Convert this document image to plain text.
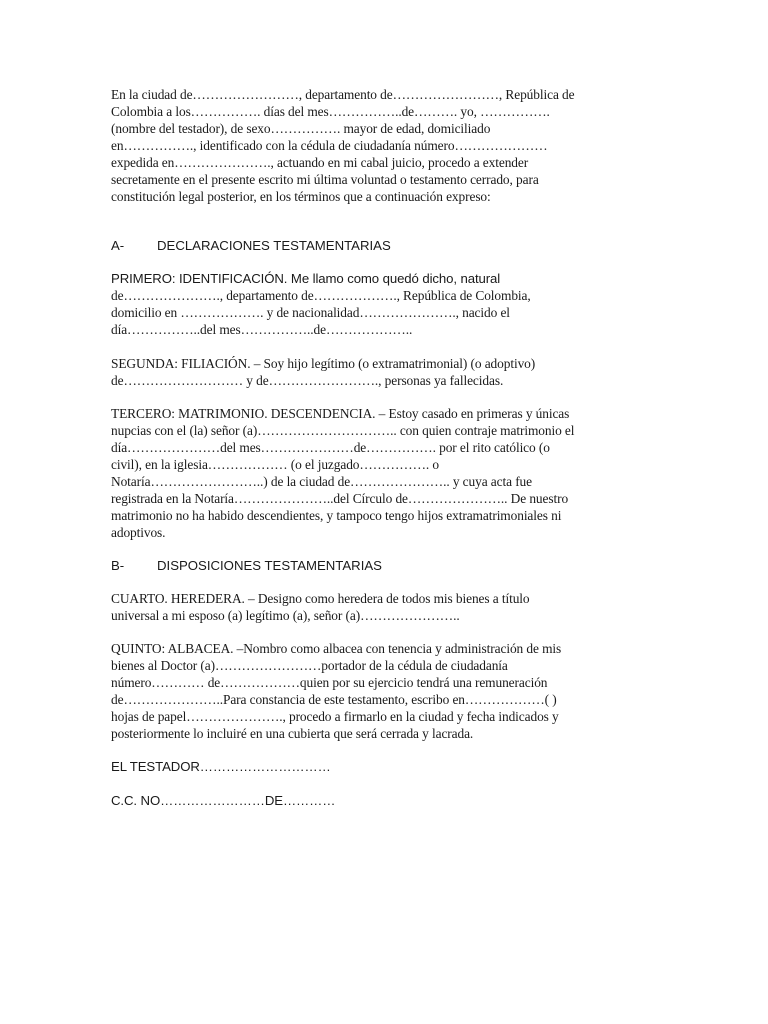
En la ciudad de……………………, departamento de……………………, República de
Colombia a los……………. días del mes……………..de………. yo, …………….
(nombre del testador), de sexo……………. mayor de edad, domiciliado
en……………., identificado con la cédula de ciudadanía número…………………
expedida en…………………., actuando en mi cabal juicio, procedo a extender
secretamente en el presente escrito mi última voluntad o testamento cerrado, para
constitución legal posterior, en los términos que a continuación expreso:
A- DECLARACIONES TESTAMENTARIAS
PRIMERO: IDENTIFICACIÓN. Me llamo como quedó dicho, natural
de…………………., departamento de………………., República de Colombia,
domicilio en ………………. y de nacionalidad…………………., nacido el
día……………..del mes……………..de………………..
SEGUNDA: FILIACIÓN. – Soy hijo legítimo (o extramatrimonial) (o adoptivo)
de……………………… y de……………………., personas ya fallecidas.
TERCERO: MATRIMONIO. DESCENDENCIA. – Estoy casado en primeras y únicas
nupcias con el (la) señor (a)………………………….. con quien contraje matrimonio el
día…………………del mes…………………de……………. por el rito católico (o
civil), en la iglesia……………… (o el juzgado……………. o
Notaría……………………..) de la ciudad de………………….. y cuya acta fue
registrada en la Notaría…………………..del Círculo de………………….. De nuestro
matrimonio no ha habido descendientes, y tampoco tengo hijos extramatrimoniales ni
adoptivos.
B- DISPOSICIONES TESTAMENTARIAS
CUARTO. HEREDERA. – Designo como heredera de todos mis bienes a título
universal a mi esposo (a) legítimo (a), señor (a)…………………..
QUINTO: ALBACEA. –Nombro como albacea con tenencia y administración de mis
bienes al Doctor (a)……………………portador de la cédula de ciudadanía
número………… de………………quien por su ejercicio tendrá una remuneración
de…………………..Para constancia de este testamento, escribo en………………( )
hojas de papel…………………., procedo a firmarlo en la ciudad y fecha indicados y
posteriormente lo incluiré en una cubierta que será cerrada y lacrada.
EL TESTADOR…………………………
C.C. NO……………………DE…………
